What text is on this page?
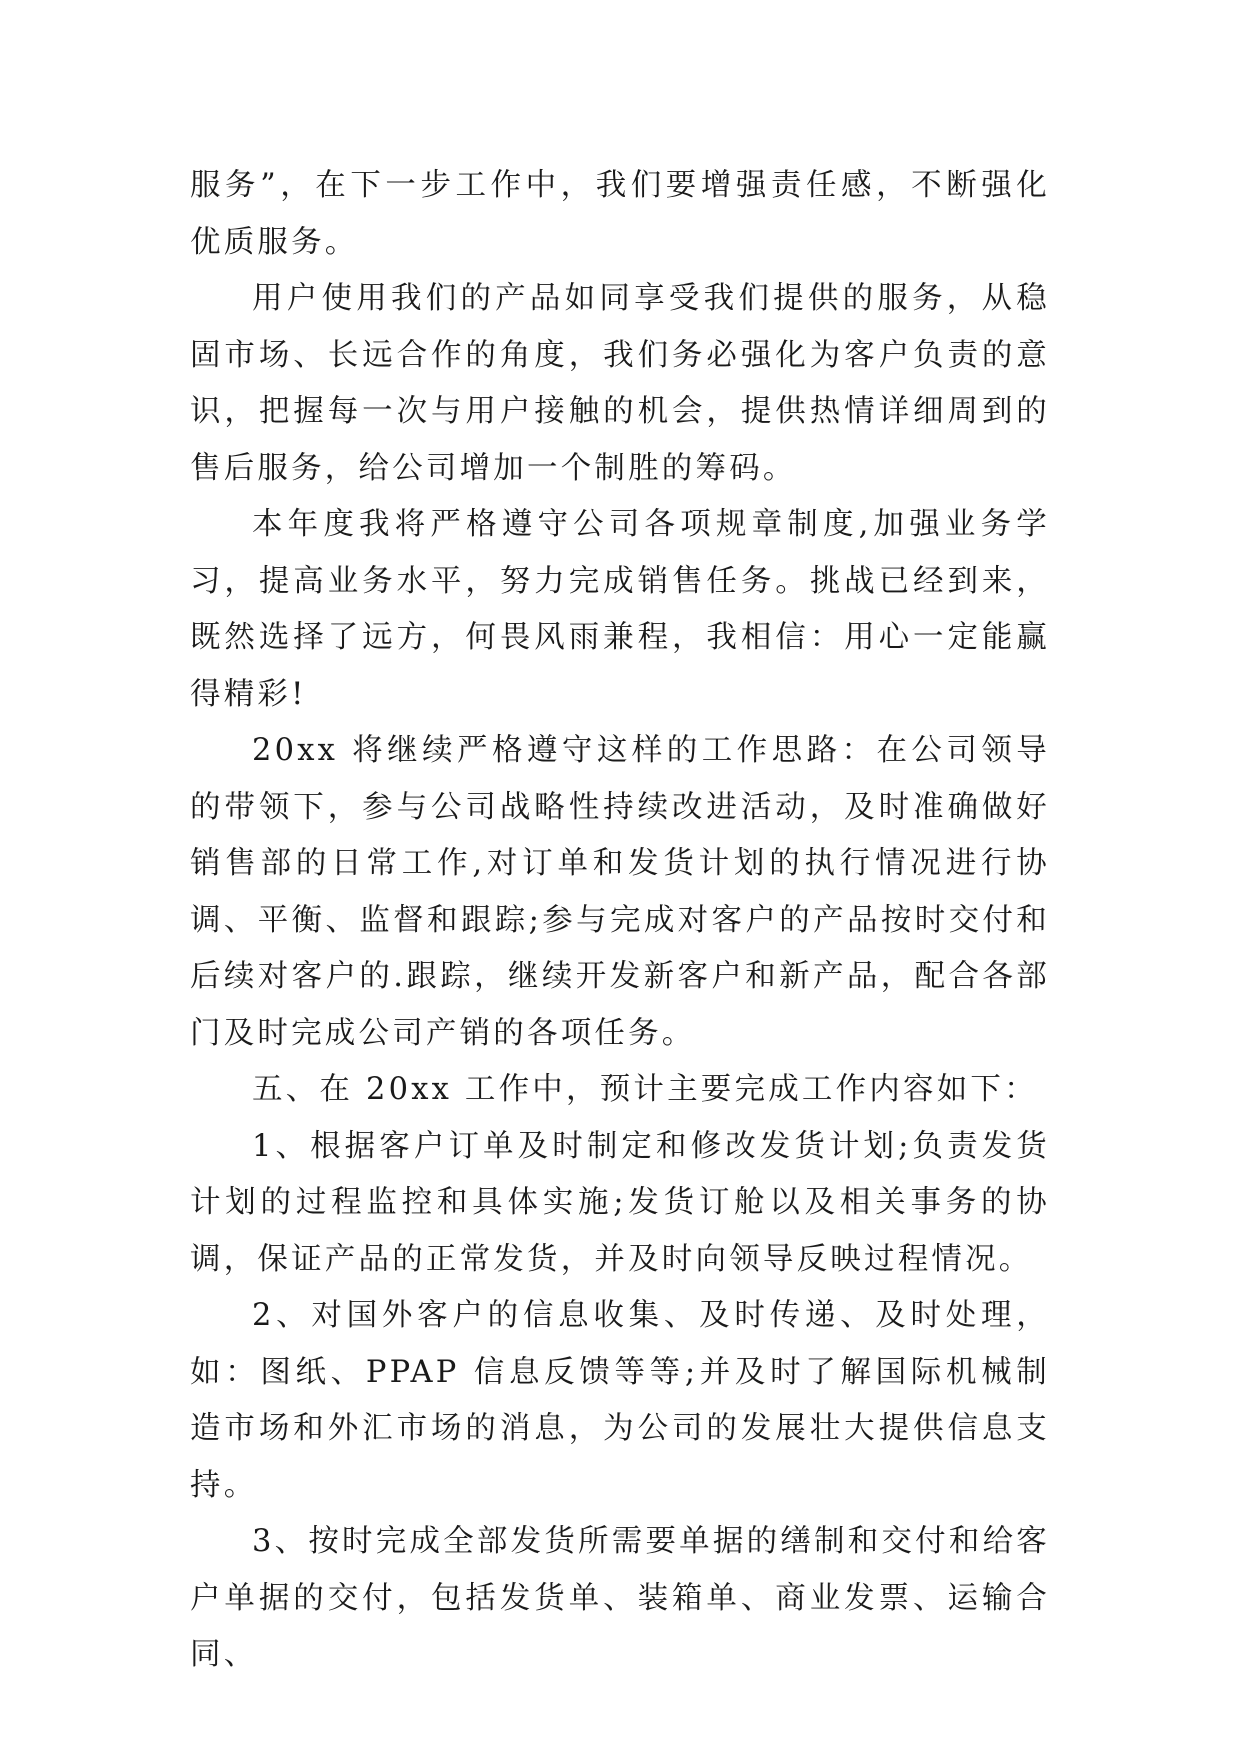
服务”，在下一步工作中，我们要增强责任感，不断强化优质服务。

用户使用我们的产品如同享受我们提供的服务，从稳固市场、长远合作的角度，我们务必强化为客户负责的意识，把握每一次与用户接触的机会，提供热情详细周到的售后服务，给公司增加一个制胜的筹码。

本年度我将严格遵守公司各项规章制度,加强业务学习，提高业务水平，努力完成销售任务。挑战已经到来，既然选择了远方，何畏风雨兼程，我相信：用心一定能赢得精彩!

20xx 将继续严格遵守这样的工作思路：在公司领导的带领下，参与公司战略性持续改进活动，及时准确做好销售部的日常工作,对订单和发货计划的执行情况进行协调、平衡、监督和跟踪;参与完成对客户的产品按时交付和后续对客户的.跟踪，继续开发新客户和新产品，配合各部门及时完成公司产销的各项任务。

五、在 20xx 工作中，预计主要完成工作内容如下：

1、根据客户订单及时制定和修改发货计划;负责发货计划的过程监控和具体实施;发货订舱以及相关事务的协调，保证产品的正常发货，并及时向领导反映过程情况。

2、对国外客户的信息收集、及时传递、及时处理，如：图纸、PPAP 信息反馈等等;并及时了解国际机械制造市场和外汇市场的消息，为公司的发展壮大提供信息支持。

3、按时完成全部发货所需要单据的缮制和交付和给客户单据的交付，包括发货单、装箱单、商业发票、运输合同、
